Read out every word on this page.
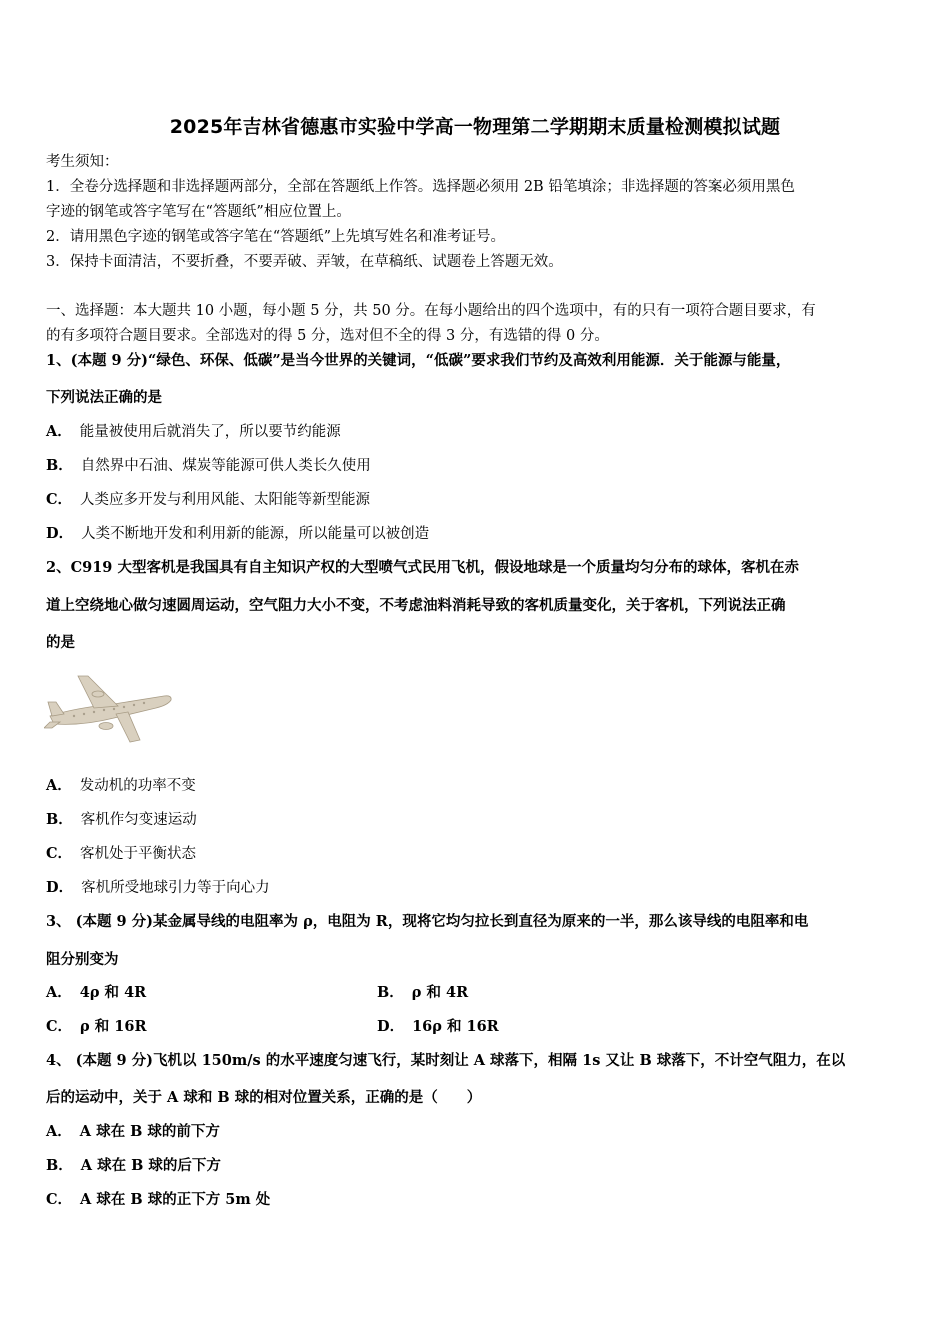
2025年吉林省德惠市实验中学高一物理第二学期期末质量检测模拟试题
考生须知：
1．全卷分选择题和非选择题两部分，全部在答题纸上作答。选择题必须用 2B 铅笔填涂；非选择题的答案必须用黑色
字迹的钢笔或答字笔写在“答题纸”相应位置上。
2．请用黑色字迹的钢笔或答字笔在“答题纸”上先填写姓名和准考证号。
3．保持卡面清洁，不要折叠，不要弄破、弄皱，在草稿纸、试题卷上答题无效。
一、选择题：本大题共 10 小题，每小题 5 分，共 50 分。在每小题给出的四个选项中，有的只有一项符合题目要求，有
的有多项符合题目要求。全部选对的得 5 分，选对但不全的得 3 分，有选错的得 0 分。
1、(本题 9 分)“绿色、环保、低碳”是当今世界的关键词，“低碳”要求我们节约及高效利用能源．关于能源与能量，
下列说法正确的是
A． 能量被使用后就消失了，所以要节约能源
B． 自然界中石油、煤炭等能源可供人类长久使用
C． 人类应多开发与利用风能、太阳能等新型能源
D． 人类不断地开发和利用新的能源，所以能量可以被创造
2、C919 大型客机是我国具有自主知识产权的大型喷气式民用飞机，假设地球是一个质量均匀分布的球体，客机在赤
道上空绕地心做匀速圆周运动，空气阻力大小不变，不考虑油料消耗导致的客机质量变化，关于客机，下列说法正确
的是
A． 发动机的功率不变
B． 客机作匀变速运动
C． 客机处于平衡状态
D． 客机所受地球引力等于向心力
3、 (本题 9 分)某金属导线的电阻率为 ρ，电阻为 R，现将它均匀拉长到直径为原来的一半，那么该导线的电阻率和电
阻分别变为
A． 4ρ 和 4R	B． ρ 和 4R
C． ρ 和 16R	D． 16ρ 和 16R
4、 (本题 9 分)飞机以 150m/s 的水平速度匀速飞行，某时刻让 A 球落下，相隔 1s 又让 B 球落下，不计空气阻力，在以
后的运动中，关于 A 球和 B 球的相对位置关系，正确的是（　　）
A． A 球在 B 球的前下方
B． A 球在 B 球的后下方
C． A 球在 B 球的正下方 5m 处
